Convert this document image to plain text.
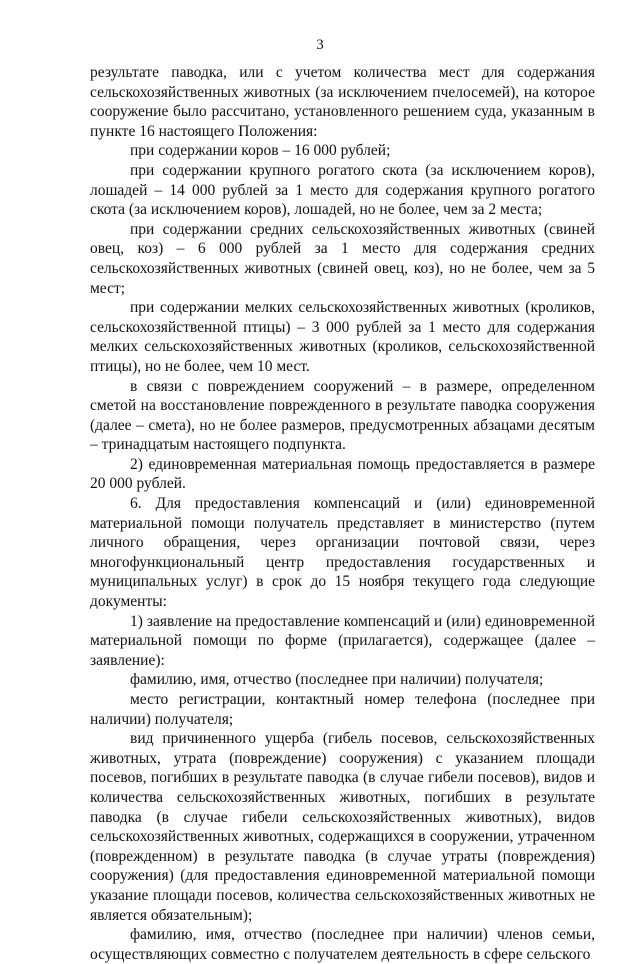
3

результате паводка, или с учетом количества мест для содержания сельскохозяйственных животных (за исключением пчелосемей), на которое сооружение было рассчитано, установленного решением суда, указанным в пункте 16 настоящего Положения:

при содержании коров – 16 000 рублей;

при содержании крупного рогатого скота (за исключением коров), лошадей – 14 000 рублей за 1 место для содержания крупного рогатого скота (за исключением коров), лошадей, но не более, чем за 2 места;

при содержании средних сельскохозяйственных животных (свиней овец, коз) – 6 000 рублей за 1 место для содержания средних сельскохозяйственных животных (свиней овец, коз), но не более, чем за 5 мест;

при содержании мелких сельскохозяйственных животных (кроликов, сельскохозяйственной птицы) – 3 000 рублей за 1 место для содержания мелких сельскохозяйственных животных (кроликов, сельскохозяйственной птицы), но не более, чем 10 мест.

в связи с повреждением сооружений – в размере, определенном сметой на восстановление поврежденного в результате паводка сооружения (далее – смета), но не более размеров, предусмотренных абзацами десятым – тринадцатым настоящего подпункта.

2) единовременная материальная помощь предоставляется в размере 20 000 рублей.

6. Для предоставления компенсаций и (или) единовременной материальной помощи получатель представляет в министерство (путем личного обращения, через организации почтовой связи, через многофункциональный центр предоставления государственных и муниципальных услуг) в срок до 15 ноября текущего года следующие документы:

1) заявление на предоставление компенсаций и (или) единовременной материальной помощи по форме (прилагается), содержащее (далее – заявление):

фамилию, имя, отчество (последнее при наличии) получателя;

место регистрации, контактный номер телефона (последнее при наличии) получателя;

вид причиненного ущерба (гибель посевов, сельскохозяйственных животных, утрата (повреждение) сооружения) с указанием площади посевов, погибших в результате паводка (в случае гибели посевов), видов и количества сельскохозяйственных животных, погибших в результате паводка (в случае гибели сельскохозяйственных животных), видов сельскохозяйственных животных, содержащихся в сооружении, утраченном (поврежденном) в результате паводка (в случае утраты (повреждения) сооружения) (для предоставления единовременной материальной помощи указание площади посевов, количества сельскохозяйственных животных не является обязательным);

фамилию, имя, отчество (последнее при наличии) членов семьи, осуществляющих совместно с получателем деятельность в сфере сельского
